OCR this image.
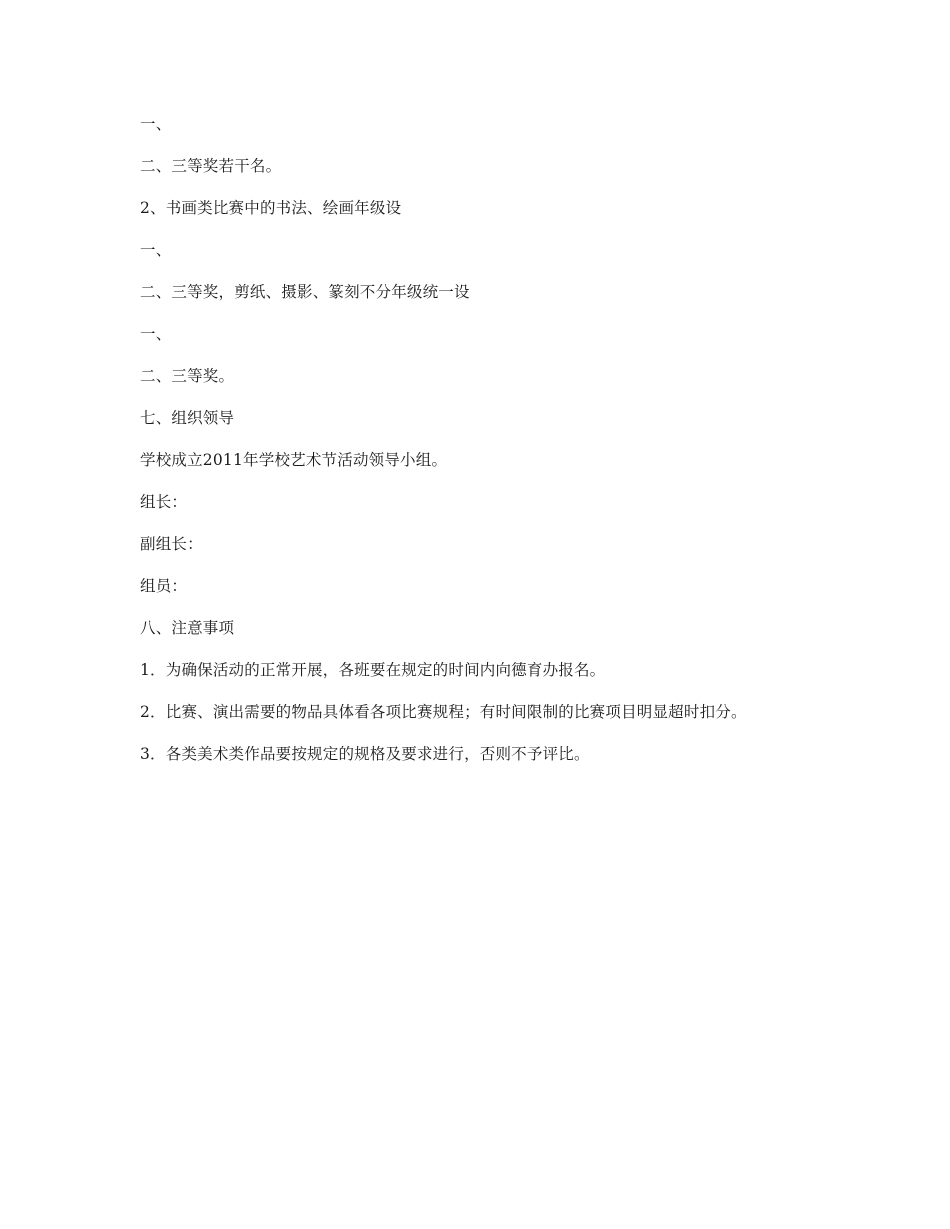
一、

二、三等奖若干名。

2、书画类比赛中的书法、绘画年级设

一、

二、三等奖，剪纸、摄影、篆刻不分年级统一设

一、

二、三等奖。

七、组织领导

学校成立2011年学校艺术节活动领导小组。

组长：

副组长：

组员：

八、注意事项

1．为确保活动的正常开展，各班要在规定的时间内向德育办报名。

2．比赛、演出需要的物品具体看各项比赛规程；有时间限制的比赛项目明显超时扣分。

3．各类美术类作品要按规定的规格及要求进行，否则不予评比。
